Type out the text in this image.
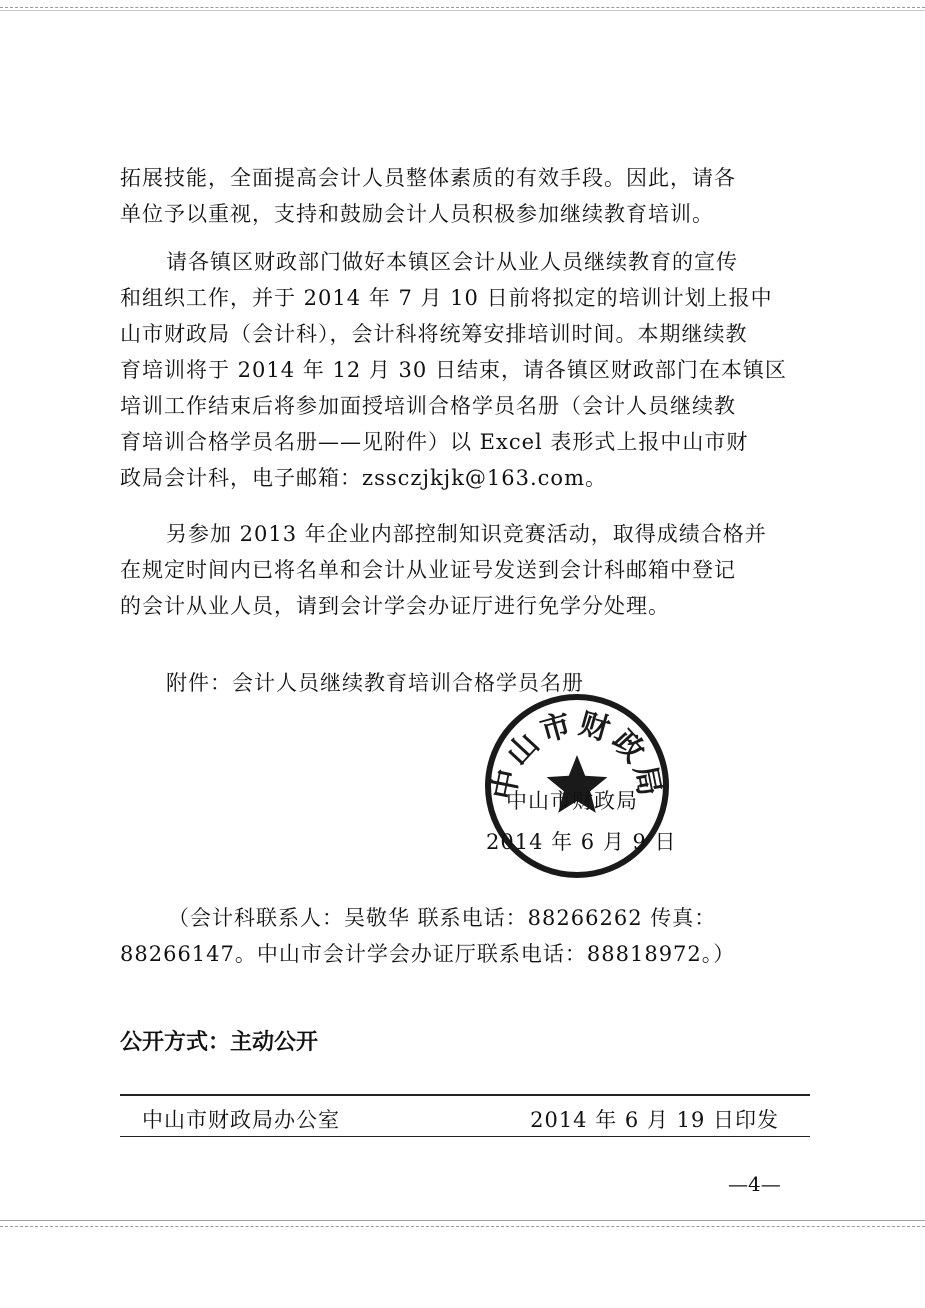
拓展技能，全面提高会计人员整体素质的有效手段。因此，请各
单位予以重视，支持和鼓励会计人员积极参加继续教育培训。
请各镇区财政部门做好本镇区会计从业人员继续教育的宣传
和组织工作，并于 2014 年 7 月 10 日前将拟定的培训计划上报中
山市财政局（会计科），会计科将统筹安排培训时间。本期继续教
育培训将于 2014 年 12 月 30 日结束，请各镇区财政部门在本镇区
培训工作结束后将参加面授培训合格学员名册（会计人员继续教
育培训合格学员名册——见附件）以 Excel 表形式上报中山市财
政局会计科，电子邮箱：zssczjkjk@163.com。
另参加 2013 年企业内部控制知识竞赛活动，取得成绩合格并
在规定时间内已将名单和会计从业证号发送到会计科邮箱中登记
的会计从业人员，请到会计学会办证厅进行免学分处理。
附件：会计人员继续教育培训合格学员名册
中山市财政局
中山市财政局
2014 年 6 月 9 日
（会计科联系人：吴敬华 联系电话：88266262 传真：
88266147。中山市会计学会办证厅联系电话：88818972。）
公开方式：主动公开
中山市财政局办公室	2014 年 6 月 19 日印发
—4—
